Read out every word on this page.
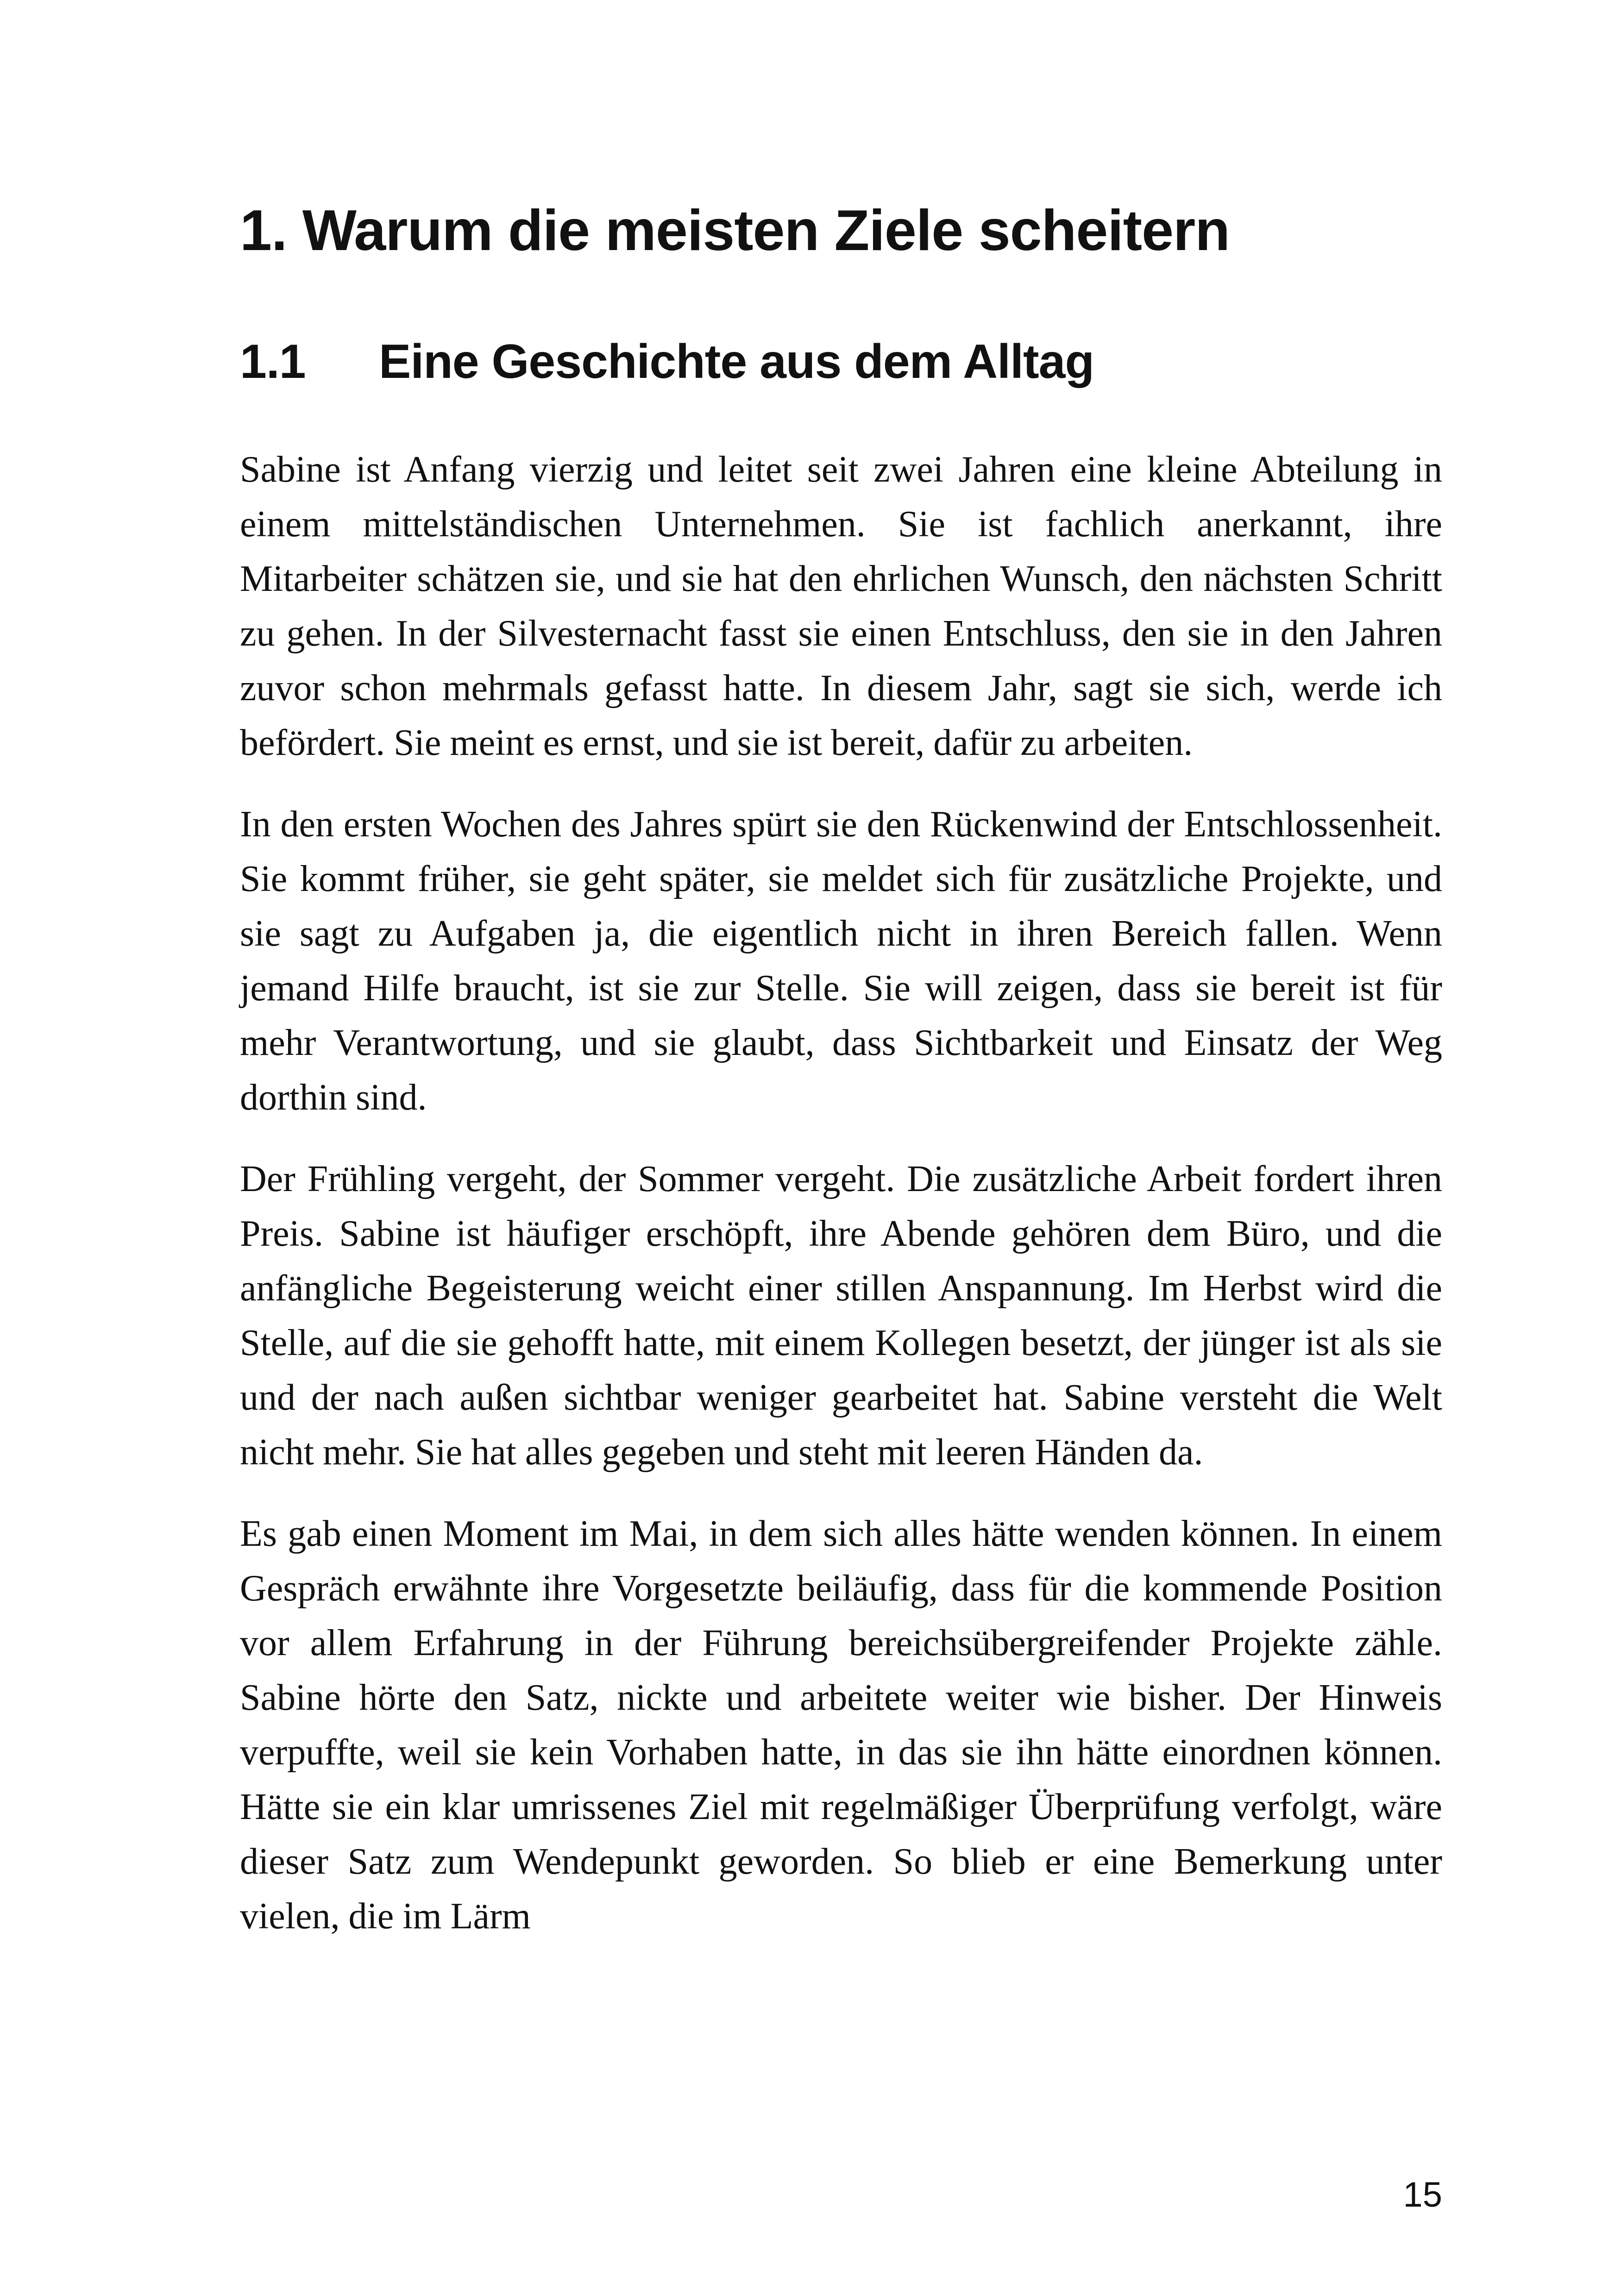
1. Warum die meisten Ziele scheitern
1.1 Eine Geschichte aus dem Alltag

Sabine ist Anfang vierzig und leitet seit zwei Jahren eine kleine Abteilung in einem mittelständischen Unternehmen. Sie ist fachlich anerkannt, ihre Mitarbeiter schätzen sie, und sie hat den ehrlichen Wunsch, den nächsten Schritt zu gehen. In der Silvesternacht fasst sie einen Entschluss, den sie in den Jahren zuvor schon mehrmals gefasst hatte. In diesem Jahr, sagt sie sich, werde ich befördert. Sie meint es ernst, und sie ist bereit, dafür zu arbeiten.

In den ersten Wochen des Jahres spürt sie den Rückenwind der Entschlossenheit. Sie kommt früher, sie geht später, sie meldet sich für zusätzliche Projekte, und sie sagt zu Aufgaben ja, die eigentlich nicht in ihren Bereich fallen. Wenn jemand Hilfe braucht, ist sie zur Stelle. Sie will zeigen, dass sie bereit ist für mehr Verantwortung, und sie glaubt, dass Sichtbarkeit und Einsatz der Weg dorthin sind.

Der Frühling vergeht, der Sommer vergeht. Die zusätzliche Arbeit fordert ihren Preis. Sabine ist häufiger erschöpft, ihre Abende gehören dem Büro, und die anfängliche Begeisterung weicht einer stillen Anspannung. Im Herbst wird die Stelle, auf die sie gehofft hatte, mit einem Kollegen besetzt, der jünger ist als sie und der nach außen sichtbar weniger gearbeitet hat. Sabine versteht die Welt nicht mehr. Sie hat alles gegeben und steht mit leeren Händen da.

Es gab einen Moment im Mai, in dem sich alles hätte wenden können. In einem Gespräch erwähnte ihre Vorgesetzte beiläufig, dass für die kommende Position vor allem Erfahrung in der Führung bereichsübergreifender Projekte zähle. Sabine hörte den Satz, nickte und arbeitete weiter wie bisher. Der Hinweis verpuffte, weil sie kein Vorhaben hatte, in das sie ihn hätte einordnen können. Hätte sie ein klar umrissenes Ziel mit regelmäßiger Überprüfung verfolgt, wäre dieser Satz zum Wendepunkt geworden. So blieb er eine Bemerkung unter vielen, die im Lärm

15
